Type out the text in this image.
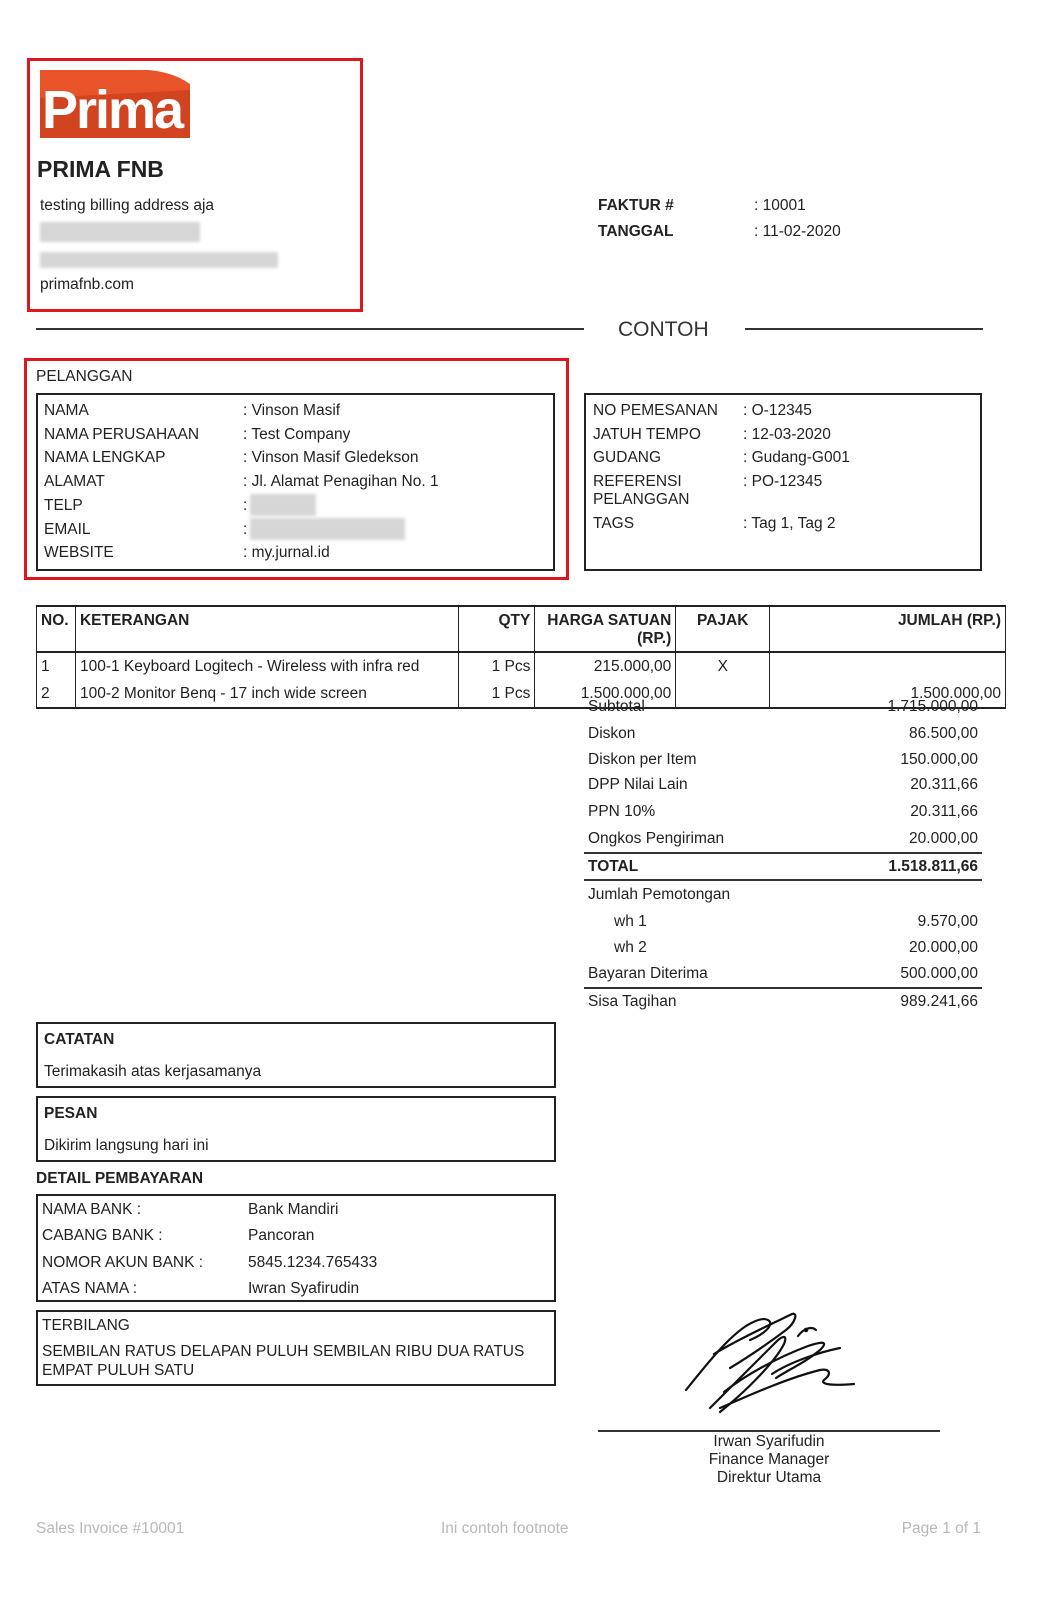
Prima
PRIMA FNB
testing billing address aja
primafnb.com
FAKTUR #	: 10001
TANGGAL	: 11-02-2020
CONTOH
PELANGGAN
NAMA	: Vinson Masif
NAMA PERUSAHAAN	: Test Company
NAMA LENGKAP	: Vinson Masif Gledekson
ALAMAT	: Jl. Alamat Penagihan No. 1
TELP	:
EMAIL	:
WEBSITE	: my.jurnal.id
NO PEMESANAN : O-12345
JATUH TEMPO	: 12-03-2020
GUDANG	: Gudang-G001
REFERENSI
PELANGGAN
: PO-12345
TAGS	: Tag 1, Tag 2
NO.	KETERANGAN	QTY	HARGA SATUAN
(RP.)	PAJAK	JUMLAH (RP.)
1	100-1 Keyboard Logitech - Wireless with infra red	1 Pcs	215.000,00	X	
2	100-2 Monitor Benq - 17 inch wide screen	1 Pcs	1.500.000,00		1.500.000,00
Subtotal	1.715.000,00
Diskon	86.500,00
Diskon per Item	150.000,00
DPP Nilai Lain	20.311,66
PPN 10%	20.311,66
Ongkos Pengiriman	20.000,00
TOTAL	1.518.811,66
Jumlah Pemotongan
wh 1	9.570,00
wh 2	20.000,00
Bayaran Diterima	500.000,00
Sisa Tagihan	989.241,66
CATATAN
Terimakasih atas kerjasamanya
PESAN
Dikirim langsung hari ini
DETAIL PEMBAYARAN
NAMA BANK :	Bank Mandiri
CABANG BANK :	Pancoran
NOMOR AKUN BANK :	5845.1234.765433
ATAS NAMA :	Iwran Syafirudin
TERBILANG
SEMBILAN RATUS DELAPAN PULUH SEMBILAN RIBU DUA RATUS
EMPAT PULUH SATU
Irwan Syarifudin
Finance Manager
Direktur Utama
Sales Invoice #10001	Ini contoh footnote	Page 1 of 1
